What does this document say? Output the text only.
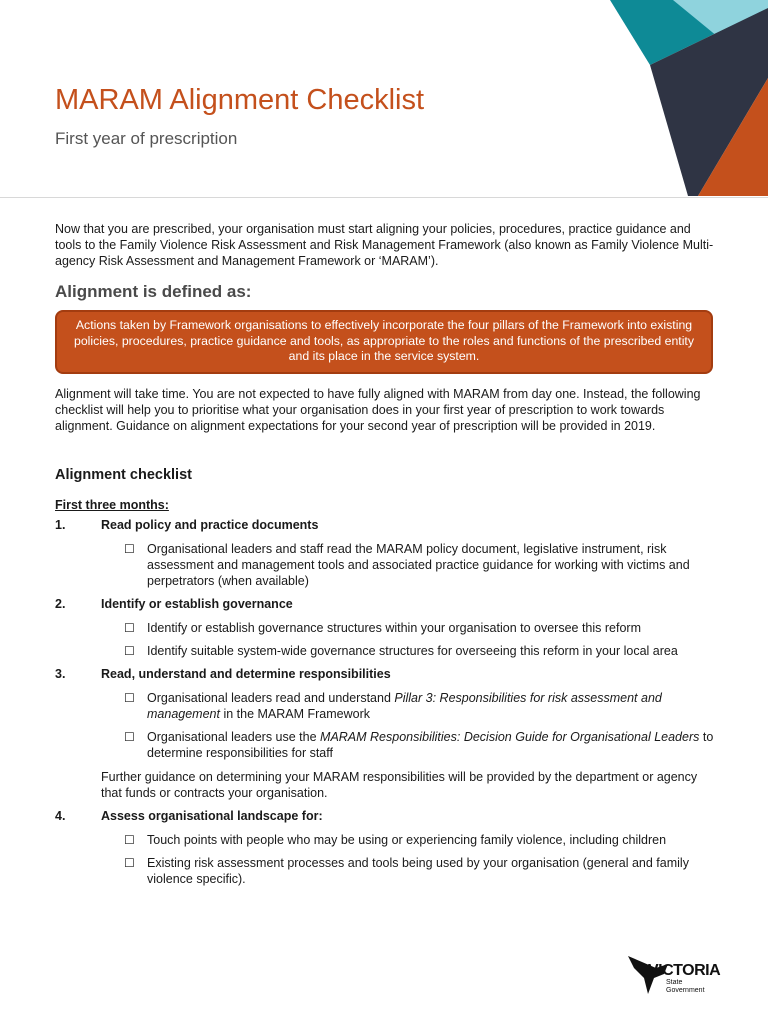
MARAM Alignment Checklist

First year of prescription

Now that you are prescribed, your organisation must start aligning your policies, procedures, practice guidance and tools to the Family Violence Risk Assessment and Risk Management Framework (also known as Family Violence Multi-agency Risk Assessment and Management Framework or ‘MARAM’).

Alignment is defined as:
Actions taken by Framework organisations to effectively incorporate the four pillars of the Framework into existing policies, procedures, practice guidance and tools, as appropriate to the roles and functions of the prescribed entity and its place in the service system.

Alignment will take time. You are not expected to have fully aligned with MARAM from day one. Instead, the following checklist will help you to prioritise what your organisation does in your first year of prescription to work towards alignment. Guidance on alignment expectations for your second year of prescription will be provided in 2019.

Alignment checklist
First three months:
1.	Read policy and practice documents
☐ Organisational leaders and staff read the MARAM policy document, legislative instrument, risk assessment and management tools and associated practice guidance for working with victims and perpetrators (when available)
2.	Identify or establish governance
☐ Identify or establish governance structures within your organisation to oversee this reform
☐ Identify suitable system-wide governance structures for overseeing this reform in your local area
3.	Read, understand and determine responsibilities
☐ Organisational leaders read and understand Pillar 3: Responsibilities for risk assessment and management in the MARAM Framework
☐ Organisational leaders use the MARAM Responsibilities: Decision Guide for Organisational Leaders to determine responsibilities for staff
Further guidance on determining your MARAM responsibilities will be provided by the department or agency that funds or contracts your organisation.
4.	Assess organisational landscape for:
☐ Touch points with people who may be using or experiencing family violence, including children
☐ Existing risk assessment processes and tools being used by your organisation (general and family violence specific).
VICTORIA
State
Government
